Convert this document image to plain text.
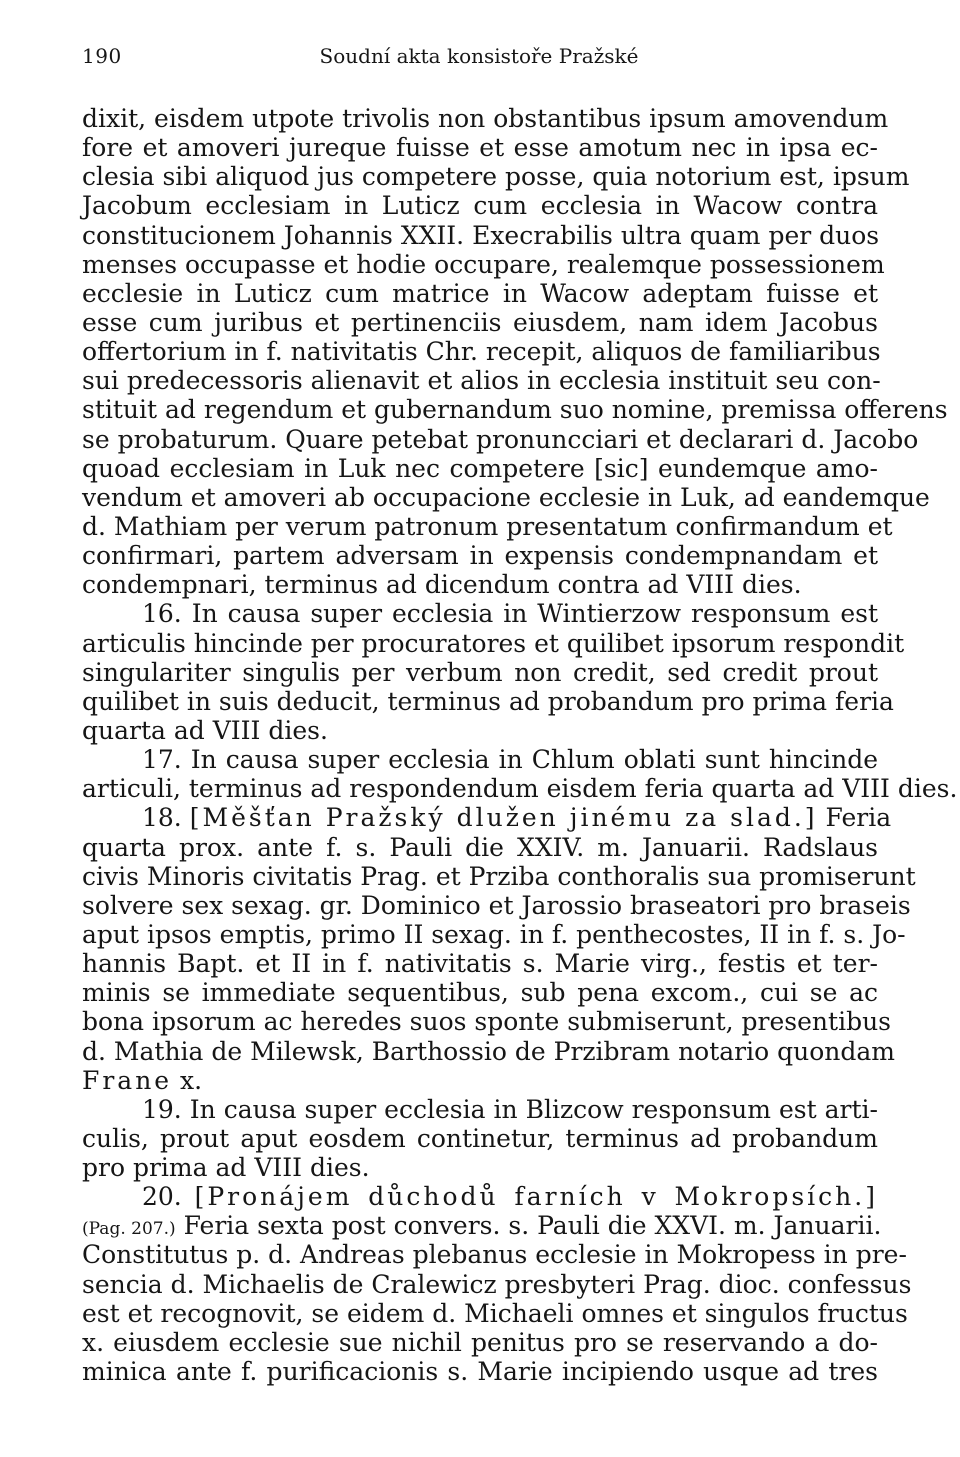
190	Soudní akta konsistoře Pražské
dixit, eisdem utpote trivolis non obstantibus ipsum amovendum
fore et amoveri jureque fuisse et esse amotum nec in ipsa ec-
clesia sibi aliquod jus competere posse, quia notorium est, ipsum
Jacobum ecclesiam in Luticz cum ecclesia in Wacow contra
constitucionem Johannis XXII. Execrabilis ultra quam per duos
menses occupasse et hodie occupare, realemque possessionem
ecclesie in Luticz cum matrice in Wacow adeptam fuisse et
esse cum juribus et pertinenciis eiusdem, nam idem Jacobus
offertorium in f. nativitatis Chr. recepit, aliquos de familiaribus
sui predecessoris alienavit et alios in ecclesia instituit seu con-
stituit ad regendum et gubernandum suo nomine, premissa offerens
se probaturum. Quare petebat pronuncciari et declarari d. Jacobo
quoad ecclesiam in Luk nec competere [sic] eundemque amo-
vendum et amoveri ab occupacione ecclesie in Luk, ad eandemque
d. Mathiam per verum patronum presentatum confirmandum et
confirmari, partem adversam in expensis condempnandam et
condempnari, terminus ad dicendum contra ad VIII dies.
16. In causa super ecclesia in Wintierzow responsum est
articulis hincinde per procuratores et quilibet ipsorum respondit
singulariter singulis per verbum non credit, sed credit prout
quilibet in suis deducit, terminus ad probandum pro prima feria
quarta ad VIII dies.
17. In causa super ecclesia in Chlum oblati sunt hincinde
articuli, terminus ad respondendum eisdem feria quarta ad VIII dies.
18. [Měšťan Pražský dlužen jinému za slad.] Feria
quarta prox. ante f. s. Pauli die XXIV. m. Januarii. Radslaus
civis Minoris civitatis Prag. et Prziba conthoralis sua promiserunt
solvere sex sexag. gr. Dominico et Jarossio braseatori pro braseis
aput ipsos emptis, primo II sexag. in f. penthecostes, II in f. s. Jo-
hannis Bapt. et II in f. nativitatis s. Marie virg., festis et ter-
minis se immediate sequentibus, sub pena excom., cui se ac
bona ipsorum ac heredes suos sponte submiserunt, presentibus
d. Mathia de Milewsk, Barthossio de Przibram notario quondam
Frane x.
19. In causa super ecclesia in Blizcow responsum est arti-
culis, prout aput eosdem continetur, terminus ad probandum
pro prima ad VIII dies.
20. [Pronájem důchodů farních v Mokropsích.]
(Pag. 207.) Feria sexta post convers. s. Pauli die XXVI. m. Januarii.
Constitutus p. d. Andreas plebanus ecclesie in Mokropess in pre-
sencia d. Michaelis de Cralewicz presbyteri Prag. dioc. confessus
est et recognovit, se eidem d. Michaeli omnes et singulos fructus
x. eiusdem ecclesie sue nichil penitus pro se reservando a do-
minica ante f. purificacionis s. Marie incipiendo usque ad tres
